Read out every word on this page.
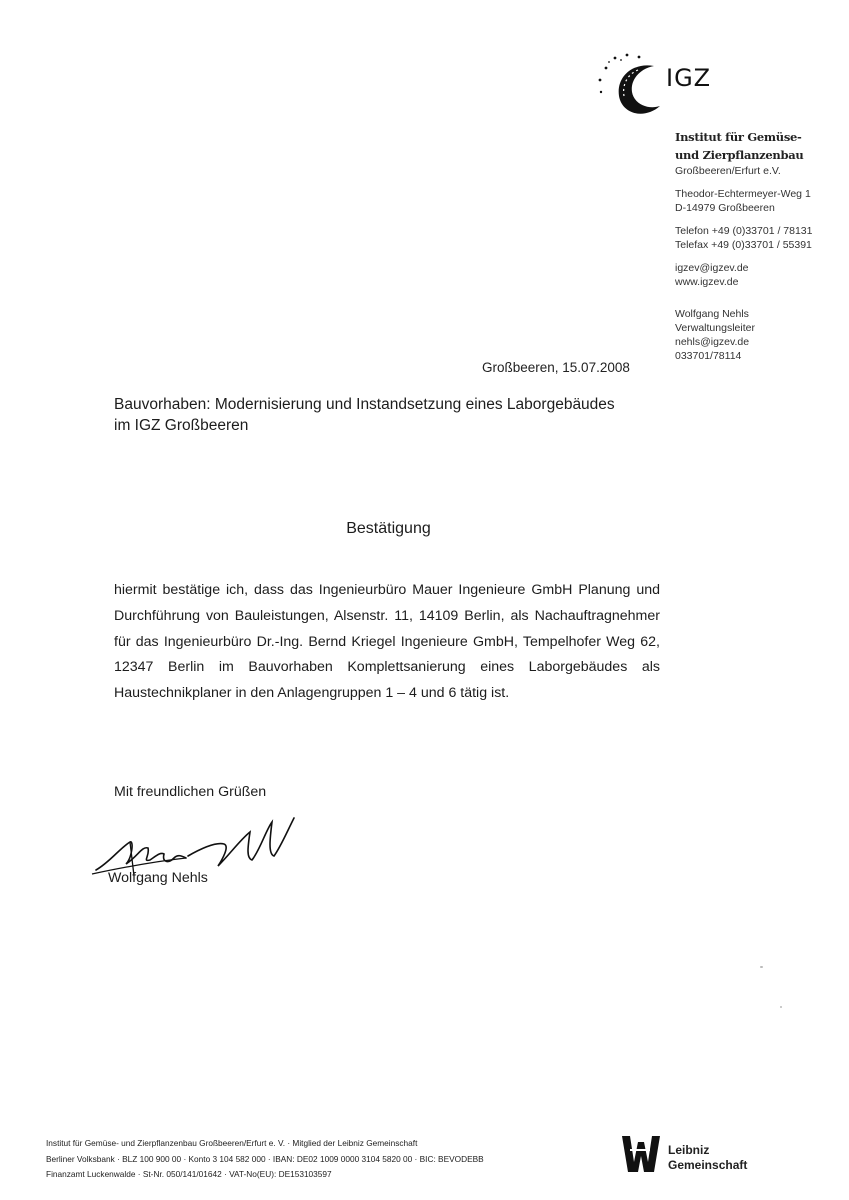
IGZ
Institut für Gemüse-
und Zierpflanzenbau
Großbeeren/Erfurt e.V.
Theodor-Echtermeyer-Weg 1
D-14979 Großbeeren
Telefon +49 (0)33701 / 78131
Telefax +49 (0)33701 / 55391
igzev@igzev.de
www.igzev.de
Wolfgang Nehls
Verwaltungsleiter
nehls@igzev.de
033701/78114
Großbeeren, 15.07.2008
Bauvorhaben: Modernisierung und Instandsetzung eines Laborgebäudes
im IGZ Großbeeren
Bestätigung
hiermit bestätige ich, dass das Ingenieurbüro Mauer Ingenieure GmbH Planung und Durchführung von Bauleistungen, Alsenstr. 11, 14109 Berlin, als Nachauftragnehmer für das Ingenieurbüro Dr.-Ing. Bernd Kriegel Ingenieure GmbH, Tempelhofer Weg 62, 12347 Berlin im Bauvorhaben Komplettsanierung eines Laborgebäudes als Haustechnikplaner in den Anlagengruppen 1 – 4 und 6 tätig ist.
Mit freundlichen Grüßen
Wolfgang Nehls
Institut für Gemüse- und Zierpflanzenbau Großbeeren/Erfurt e. V. · Mitglied der Leibniz Gemeinschaft
Berliner Volksbank · BLZ 100 900 00 · Konto 3 104 582 000 · IBAN: DE02 1009 0000 3104 5820 00 · BIC: BEVODEBB
Finanzamt Luckenwalde · St-Nr. 050/141/01642 · VAT-No(EU): DE153103597
Leibniz
Gemeinschaft
